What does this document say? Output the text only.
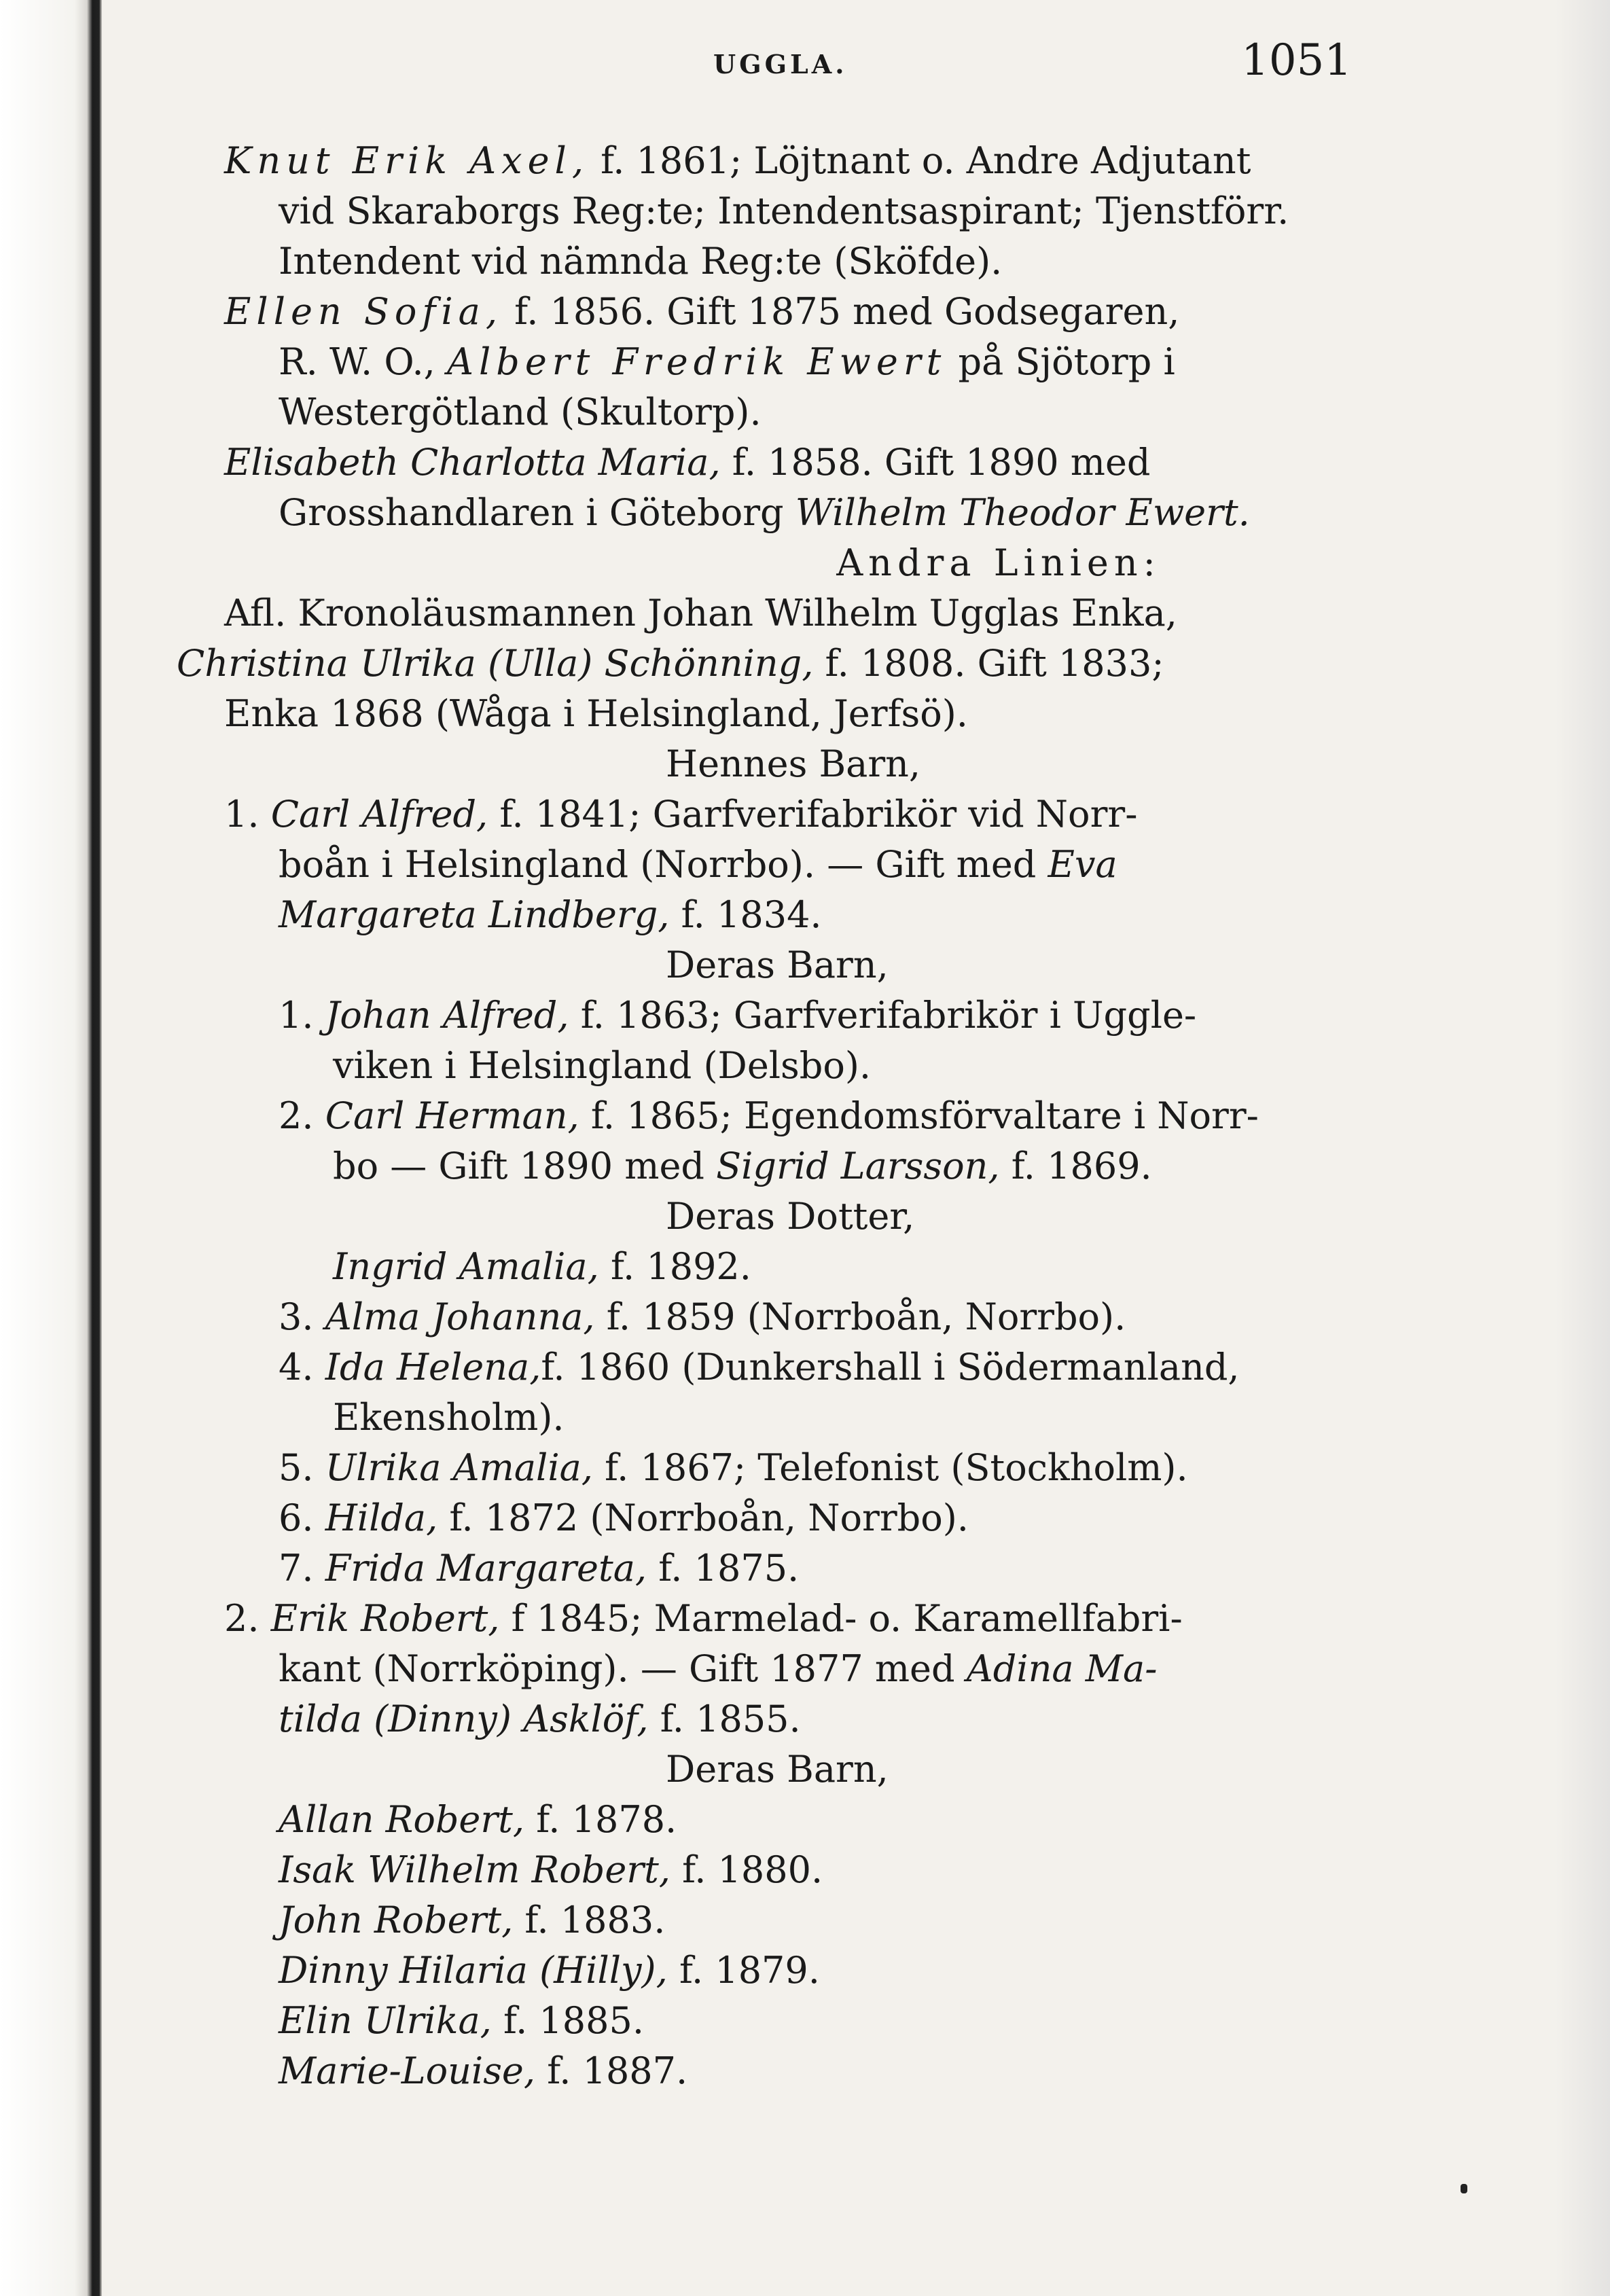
UGGLA.	1051
Knut Erik Axel, f. 1861; Löjtnant o. Andre Adjutant
vid Skaraborgs Reg:te; Intendentsaspirant; Tjenstförr.
Intendent vid nämnda Reg:te (Sköfde).
Ellen Sofia, f. 1856. Gift 1875 med Godsegaren,
R. W. O., Albert Fredrik Ewert på Sjötorp i
Westergötland (Skultorp).
Elisabeth Charlotta Maria, f. 1858. Gift 1890 med
Grosshandlaren i Göteborg Wilhelm Theodor Ewert.
Andra Linien:
Afl. Kronoläusmannen Johan Wilhelm Ugglas Enka,
Christina Ulrika (Ulla) Schönning, f. 1808. Gift 1833;
Enka 1868 (Wåga i Helsingland, Jerfsö).
Hennes Barn,
1. Carl Alfred, f. 1841; Garfverifabrikör vid Norr-
boån i Helsingland (Norrbo). — Gift med Eva
Margareta Lindberg, f. 1834.
Deras Barn,
1. Johan Alfred, f. 1863; Garfverifabrikör i Uggle-
viken i Helsingland (Delsbo).
2. Carl Herman, f. 1865; Egendomsförvaltare i Norr-
bo — Gift 1890 med Sigrid Larsson, f. 1869.
Deras Dotter,
Ingrid Amalia, f. 1892.
3. Alma Johanna, f. 1859 (Norrboån, Norrbo).
4. Ida Helena,f. 1860 (Dunkershall i Södermanland,
Ekensholm).
5. Ulrika Amalia, f. 1867; Telefonist (Stockholm).
6. Hilda, f. 1872 (Norrboån, Norrbo).
7. Frida Margareta, f. 1875.
2. Erik Robert, f 1845; Marmelad- o. Karamellfabri-
kant (Norrköping). — Gift 1877 med Adina Ma-
tilda (Dinny) Asklöf, f. 1855.
Deras Barn,
Allan Robert, f. 1878.
Isak Wilhelm Robert, f. 1880.
John Robert, f. 1883.
Dinny Hilaria (Hilly), f. 1879.
Elin Ulrika, f. 1885.
Marie-Louise, f. 1887.
